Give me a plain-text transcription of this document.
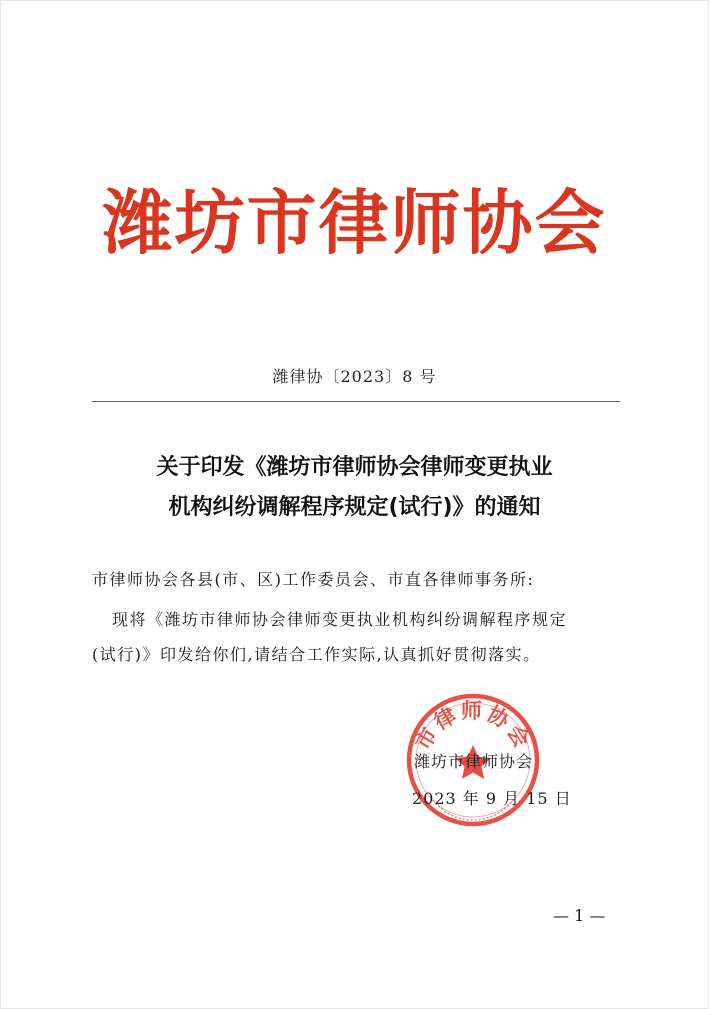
潍坊市律师协会
潍律协〔2023〕8 号
关于印发《潍坊市律师协会律师变更执业
机构纠纷调解程序规定(试行)》的通知
市律师协会各县(市、区)工作委员会、市直各律师事务所:
现将《潍坊市律师协会律师变更执业机构纠纷调解程序规定
(试行)》印发给你们,请结合工作实际,认真抓好贯彻落实。
市律师协会
潍坊市律师协会
2023 年 9 月 15 日
— 1 —
